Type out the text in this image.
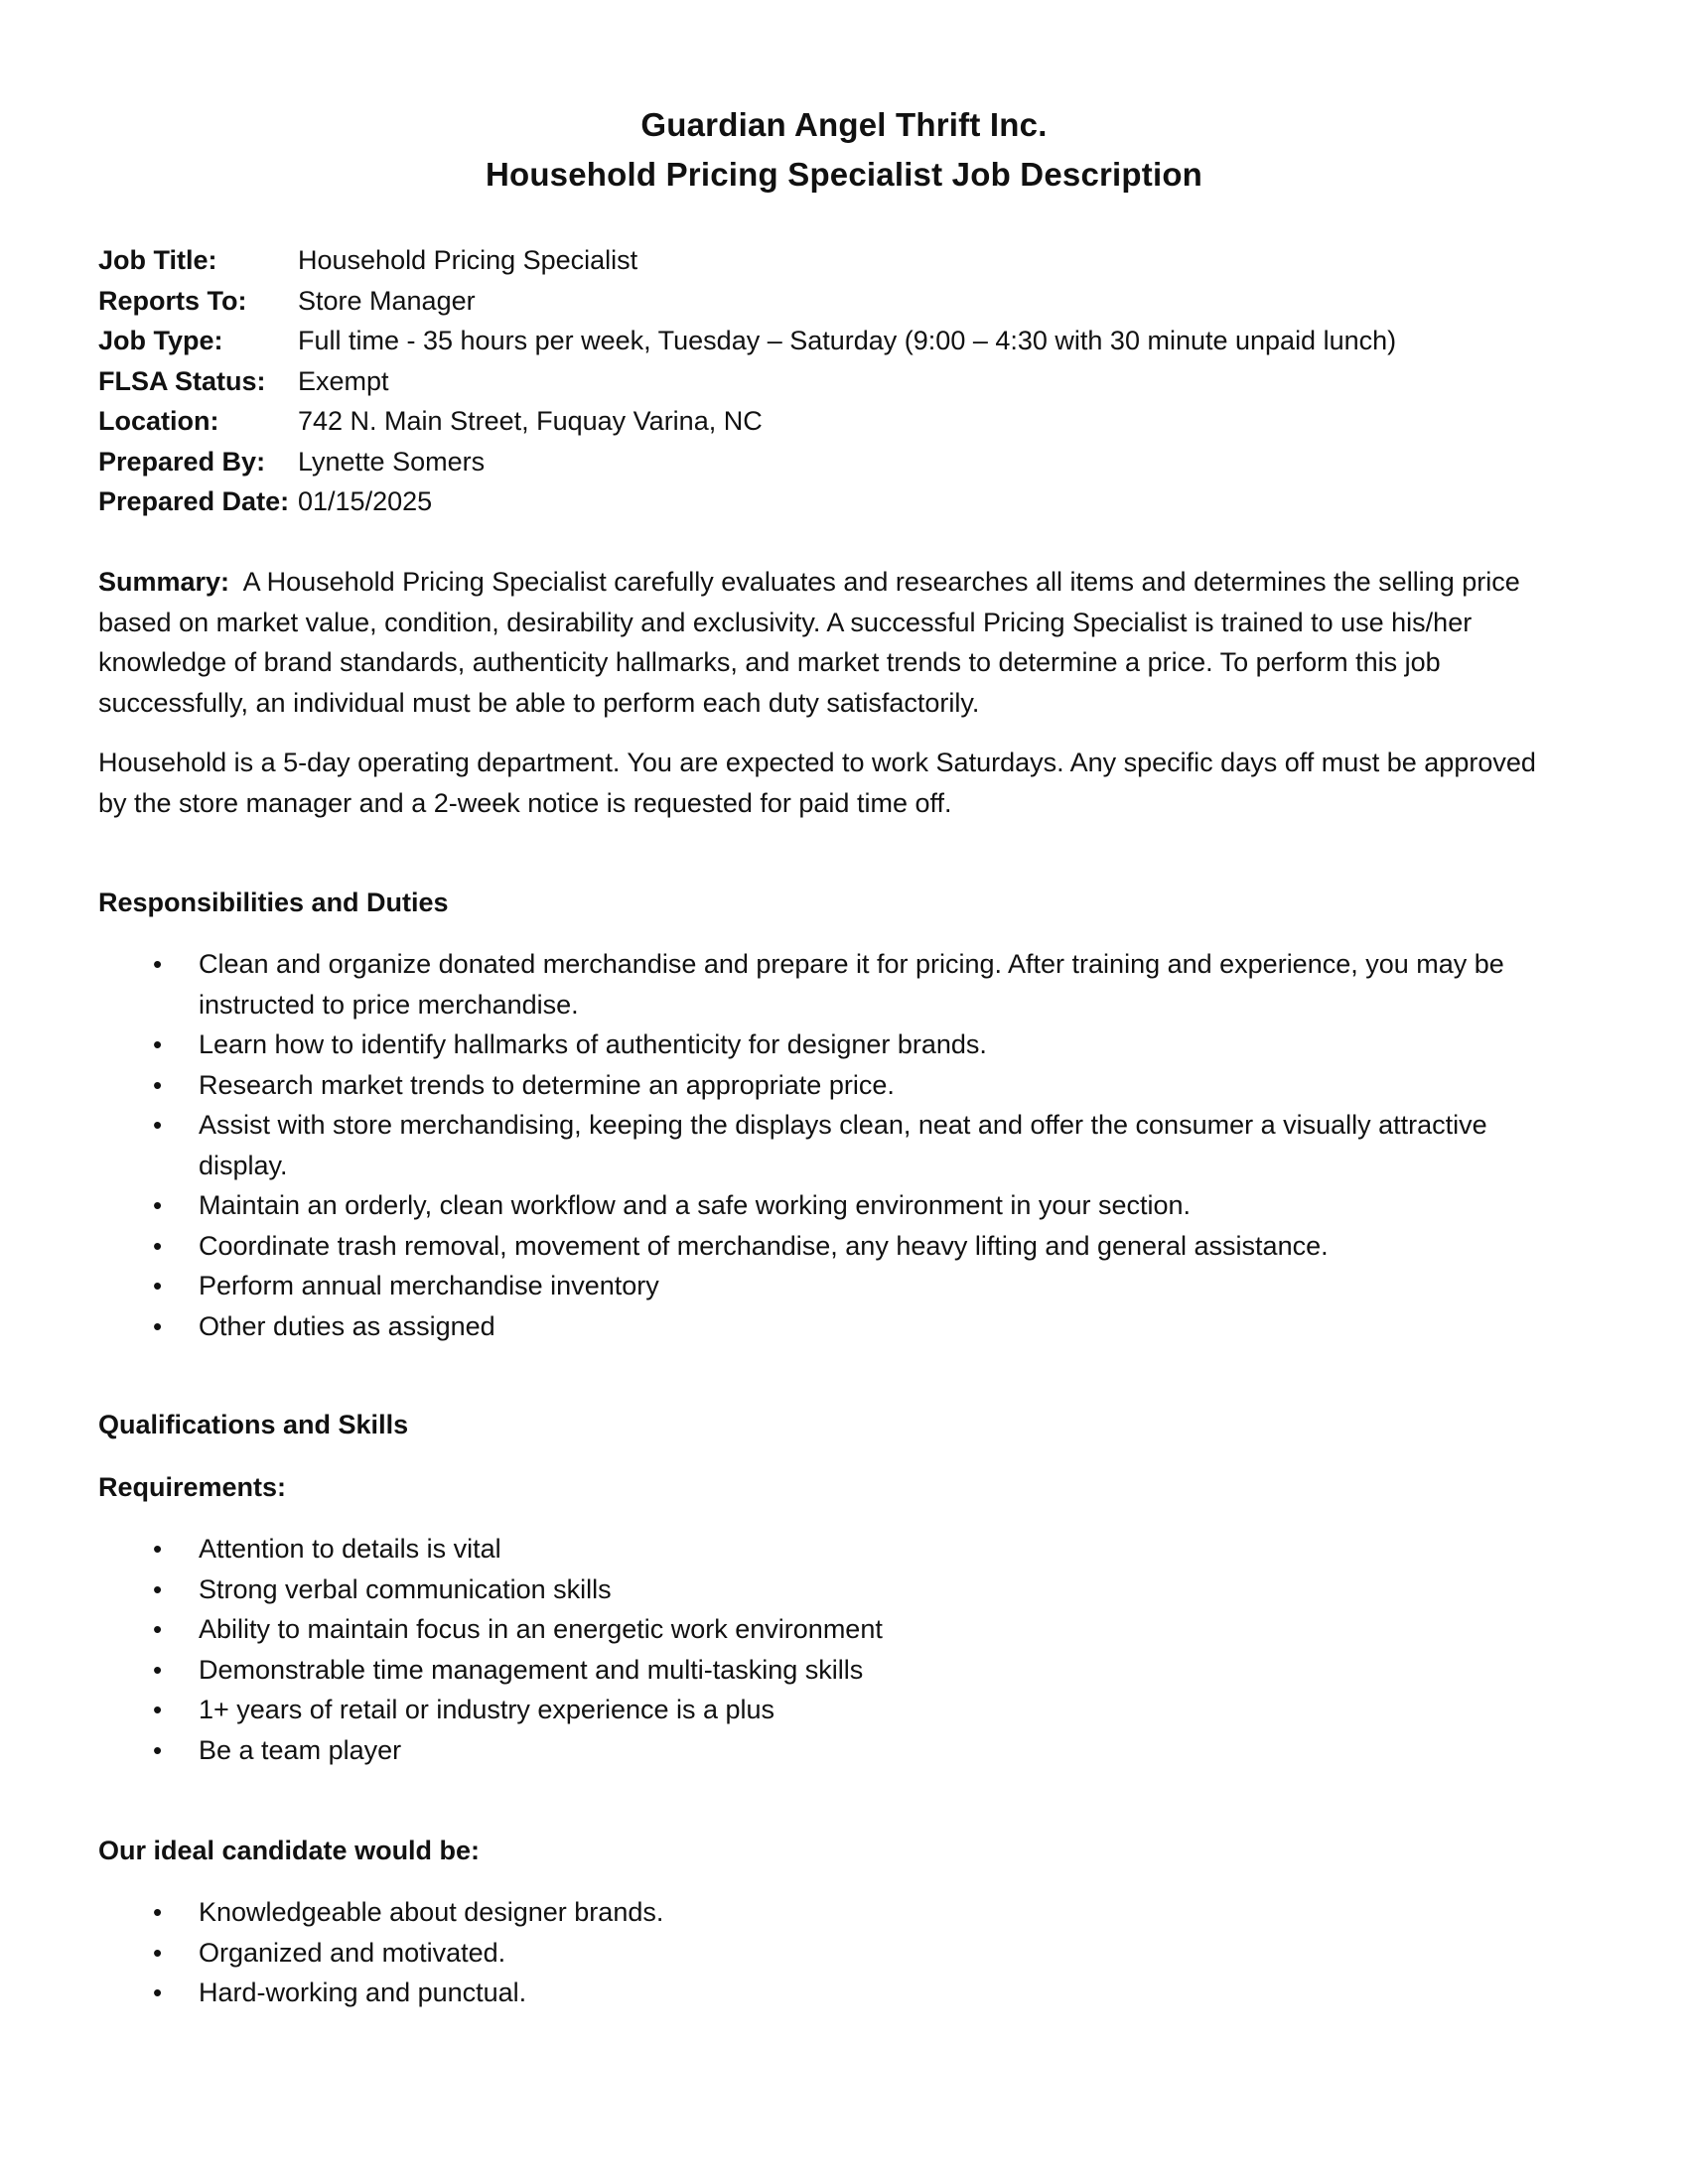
Guardian Angel Thrift Inc.
Household Pricing Specialist Job Description
Job Title:	Household Pricing Specialist
Reports To:	Store Manager
Job Type:	Full time - 35 hours per week, Tuesday – Saturday (9:00 – 4:30 with 30 minute unpaid lunch)
FLSA Status:	Exempt
Location:	742 N. Main Street, Fuquay Varina, NC
Prepared By:	Lynette Somers
Prepared Date: 01/15/2025
Summary: A Household Pricing Specialist carefully evaluates and researches all items and determines the selling price based on market value, condition, desirability and exclusivity. A successful Pricing Specialist is trained to use his/her knowledge of brand standards, authenticity hallmarks, and market trends to determine a price. To perform this job successfully, an individual must be able to perform each duty satisfactorily.
Household is a 5-day operating department. You are expected to work Saturdays. Any specific days off must be approved by the store manager and a 2-week notice is requested for paid time off.
Responsibilities and Duties
• Clean and organize donated merchandise and prepare it for pricing. After training and experience, you may be instructed to price merchandise.
• Learn how to identify hallmarks of authenticity for designer brands.
• Research market trends to determine an appropriate price.
• Assist with store merchandising, keeping the displays clean, neat and offer the consumer a visually attractive display.
• Maintain an orderly, clean workflow and a safe working environment in your section.
• Coordinate trash removal, movement of merchandise, any heavy lifting and general assistance.
• Perform annual merchandise inventory
• Other duties as assigned
Qualifications and Skills
Requirements:
• Attention to details is vital
• Strong verbal communication skills
• Ability to maintain focus in an energetic work environment
• Demonstrable time management and multi-tasking skills
• 1+ years of retail or industry experience is a plus
• Be a team player
Our ideal candidate would be:
• Knowledgeable about designer brands.
• Organized and motivated.
• Hard-working and punctual.
